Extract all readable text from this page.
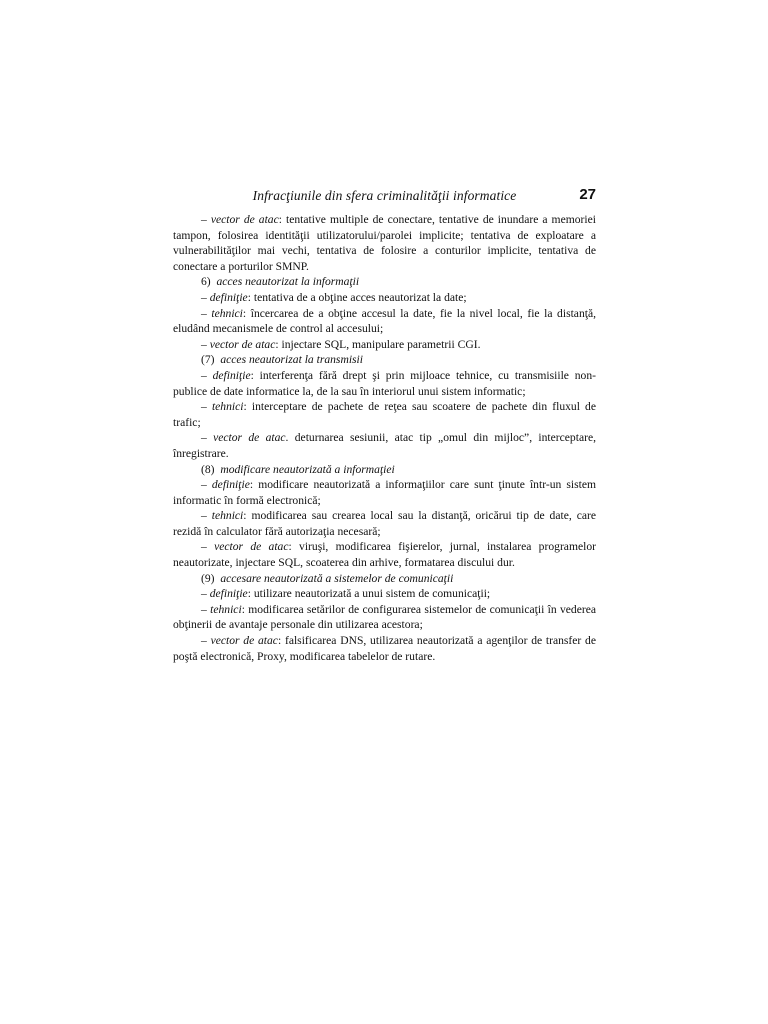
Infracţiunile din sfera criminalităţii informatice	27

– vector de atac: tentative multiple de conectare, tentative de inundare a memoriei tampon, folosirea identităţii utilizatorului/parolei implicite; tentativa de exploatare a vulnerabilităţilor mai vechi, tentativa de folosire a conturilor implicite, tentativa de conectare a porturilor SMNP.

6) acces neautorizat la informaţii

– definiţie: tentativa de a obţine acces neautorizat la date;

– tehnici: încercarea de a obţine accesul la date, fie la nivel local, fie la distanţă, eludând mecanismele de control al accesului;

– vector de atac: injectare SQL, manipulare parametrii CGI.

(7) acces neautorizat la transmisii

– definiţie: interferenţa fără drept şi prin mijloace tehnice, cu transmisiile non-publice de date informatice la, de la sau în interiorul unui sistem informatic;

– tehnici: interceptare de pachete de reţea sau scoatere de pachete din fluxul de trafic;

– vector de atac. deturnarea sesiunii, atac tip „omul din mijloc”, interceptare, înregistrare.

(8) modificare neautorizată a informaţiei

– definiţie: modificare neautorizată a informaţiilor care sunt ţinute într-un sistem informatic în formă electronică;

– tehnici: modificarea sau crearea local sau la distanţă, oricărui tip de date, care rezidă în calculator fără autorizaţia necesară;

– vector de atac: viruşi, modificarea fişierelor, jurnal, instalarea programelor neautorizate, injectare SQL, scoaterea din arhive, formatarea discului dur.

(9) accesare neautorizată a sistemelor de comunicaţii

– definiţie: utilizare neautorizată a unui sistem de comunicaţii;

– tehnici: modificarea setărilor de configurarea sistemelor de comunicaţii în vederea obţinerii de avantaje personale din utilizarea acestora;

– vector de atac: falsificarea DNS, utilizarea neautorizată a agenţilor de transfer de poştă electronică, Proxy, modificarea tabelelor de rutare.
